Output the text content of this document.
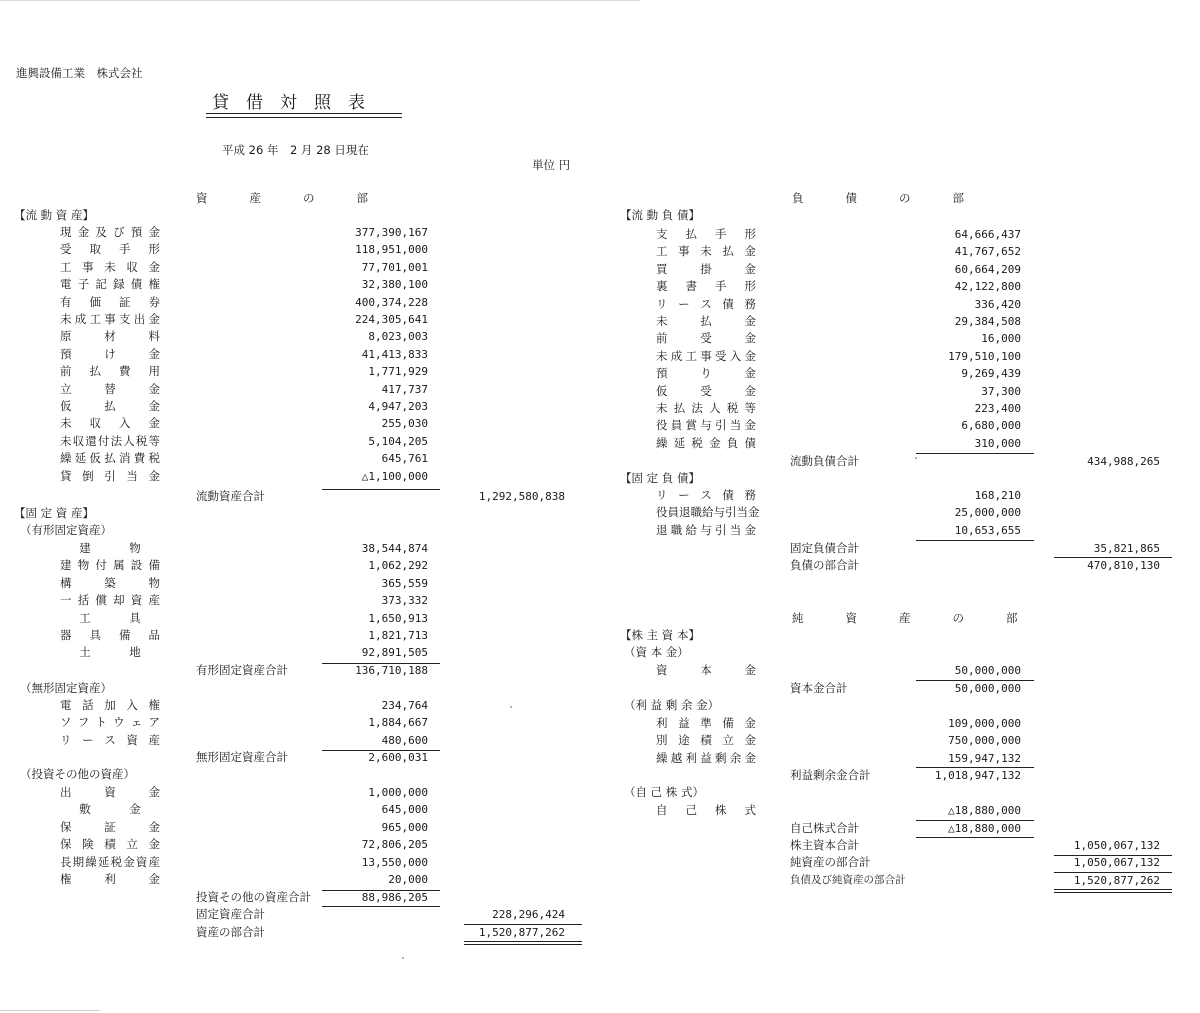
進興設備工業　株式会社
貸借対照表
平成 26 年　2 月 28 日現在
単位 円
資産の部	負債の部
純資産の部
【流 動 資 産】
現 金 及 び 預 金	377,390,167
受 取 手 形	118,951,000
工 事 未 収 金	77,701,001
電 子 記 録 債 権	32,380,100
有 価 証 券	400,374,228
未 成 工 事 支 出 金	224,305,641
原	材	料	8,023,003
預	け	金	41,413,833
前 払 費 用	1,771,929
立	替	金	417,737
仮	払	金	4,947,203
未 収 入 金	255,030
未 収 還 付 法 人 税 等	5,104,205
繰 延 仮 払 消 費 税	645,761
貸 倒 引 当 金	△1,100,000
流動資産合計	1,292,580,838
【固 定 資 産】
（有形固定資産）
建	物	38,544,874
建 物 付 属 設 備	1,062,292
構	築	物	365,559
一 括 償 却 資 産	373,332
工	具	1,650,913
器 具 備 品	1,821,713
土	地	92,891,505
有形固定資産合計	136,710,188
（無形固定資産）
電 話 加 入 権	234,764
ソ フ ト ウ ェ ア	1,884,667
リ ー ス 資 産	480,600
無形固定資産合計	2,600,031
（投資その他の資産）
出	資	金	1,000,000
敷	金	645,000
保	証	金	965,000
保 険 積 立 金	72,806,205
長 期 繰 延 税 金 資 産	13,550,000
権	利	金	20,000
投資その他の資産合計	88,986,205
固定資産合計	228,296,424
資産の部合計	1,520,877,262
【流 動 負 債】
支 払 手 形	64,666,437
工 事 未 払 金	41,767,652
買	掛	金	60,664,209
裏 書 手 形	42,122,800
リ ー ス 債 務	336,420
未	払	金	29,384,508
前	受	金	16,000
未 成 工 事 受 入 金	179,510,100
預	り	金	9,269,439
仮	受	金	37,300
未 払 法 人 税 等	223,400
役 員 賞 与 引 当 金	6,680,000
繰 延 税 金 負 債	310,000
流動負債合計	434,988,265
【固 定 負 債】
リ ー ス 債 務	168,210
役員退職給与引当金	25,000,000
退 職 給 与 引 当 金	10,653,655
固定負債合計	35,821,865
負債の部合計	470,810,130
【株 主 資 本】
（資 本 金）
資	本	金	50,000,000
資本金合計	50,000,000
（利 益 剰 余 金）
利 益 準 備 金	109,000,000
別 途 積 立 金	750,000,000
繰 越 利 益 剰 余 金	159,947,132
利益剰余金合計	1,018,947,132
（自 己 株 式）
自 己 株 式	△18,880,000
自己株式合計	△18,880,000
株主資本合計	1,050,067,132
純資産の部合計	1,050,067,132
負債及び純資産の部合計	1,520,877,262
